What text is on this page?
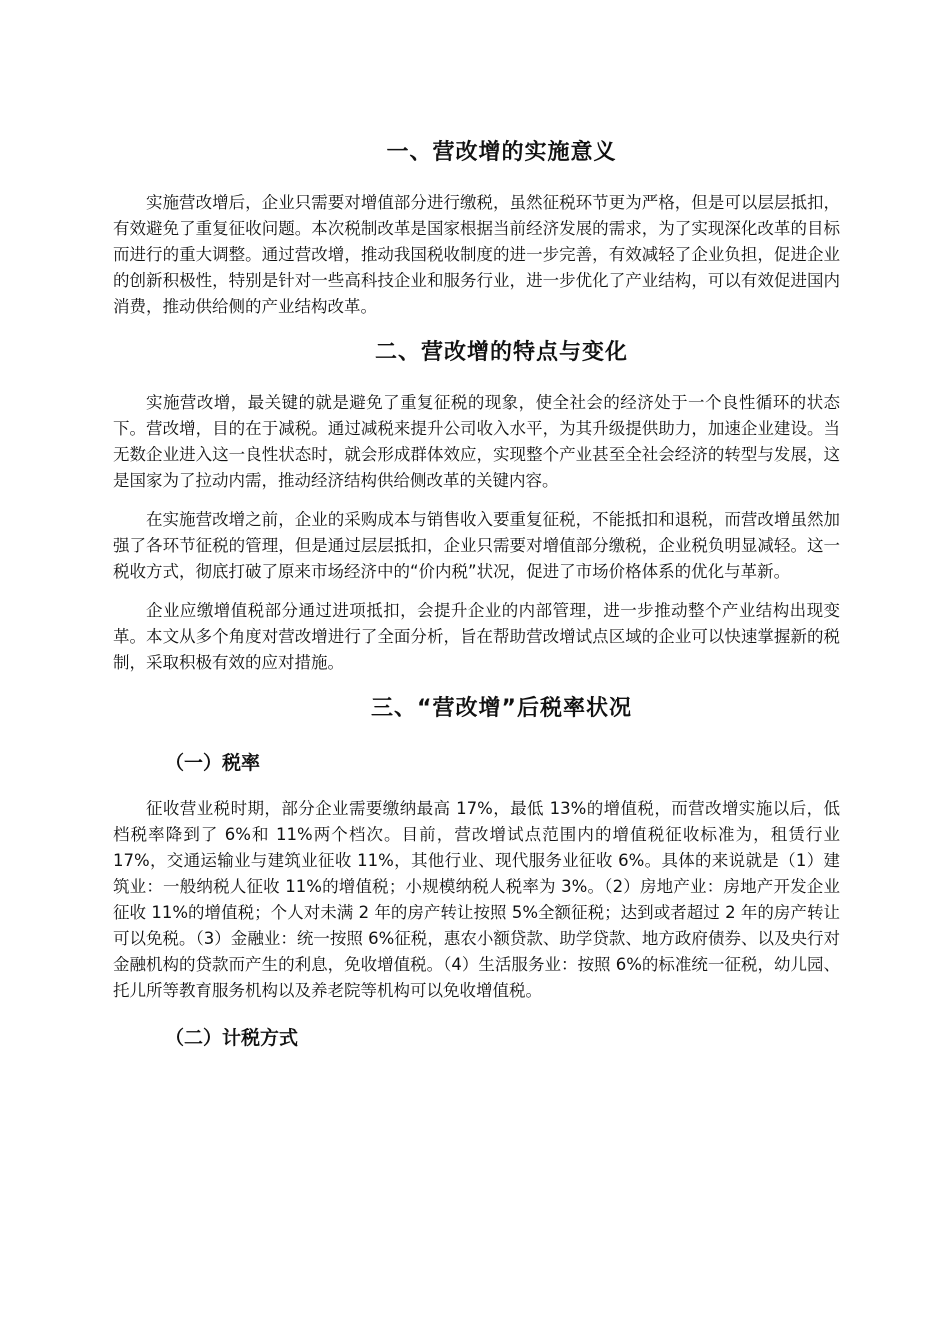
一、营改增的实施意义

实施营改增后，企业只需要对增值部分进行缴税，虽然征税环节更为严格，但是可以层层抵扣，有效避免了重复征收问题。本次税制改革是国家根据当前经济发展的需求，为了实现深化改革的目标而进行的重大调整。通过营改增，推动我国税收制度的进一步完善，有效减轻了企业负担，促进企业的创新积极性，特别是针对一些高科技企业和服务行业，进一步优化了产业结构，可以有效促进国内消费，推动供给侧的产业结构改革。

二、营改增的特点与变化

实施营改增，最关键的就是避免了重复征税的现象，使全社会的经济处于一个良性循环的状态下。营改增，目的在于减税。通过减税来提升公司收入水平，为其升级提供助力，加速企业建设。当无数企业进入这一良性状态时，就会形成群体效应，实现整个产业甚至全社会经济的转型与发展，这是国家为了拉动内需，推动经济结构供给侧改革的关键内容。

在实施营改增之前，企业的采购成本与销售收入要重复征税，不能抵扣和退税，而营改增虽然加强了各环节征税的管理，但是通过层层抵扣，企业只需要对增值部分缴税，企业税负明显减轻。这一税收方式，彻底打破了原来市场经济中的“价内税”状况，促进了市场价格体系的优化与革新。

企业应缴增值税部分通过进项抵扣，会提升企业的内部管理，进一步推动整个产业结构出现变革。本文从多个角度对营改增进行了全面分析，旨在帮助营改增试点区域的企业可以快速掌握新的税制，采取积极有效的应对措施。

三、“营改增”后税率状况
（一）税率

征收营业税时期，部分企业需要缴纳最高 17%，最低 13%的增值税，而营改增实施以后，低档税率降到了 6%和 11%两个档次。目前，营改增试点范围内的增值税征收标准为，租赁行业 17%，交通运输业与建筑业征收 11%，其他行业、现代服务业征收 6%。具体的来说就是（1）建筑业：一般纳税人征收 11%的增值税；小规模纳税人税率为 3%。（2）房地产业：房地产开发企业征收 11%的增值税；个人对未满 2 年的房产转让按照 5%全额征税；达到或者超过 2 年的房产转让可以免税。（3）金融业：统一按照 6%征税，惠农小额贷款、助学贷款、地方政府债券、以及央行对金融机构的贷款而产生的利息，免收增值税。（4）生活服务业：按照 6%的标准统一征税，幼儿园、托儿所等教育服务机构以及养老院等机构可以免收增值税。

（二）计税方式
